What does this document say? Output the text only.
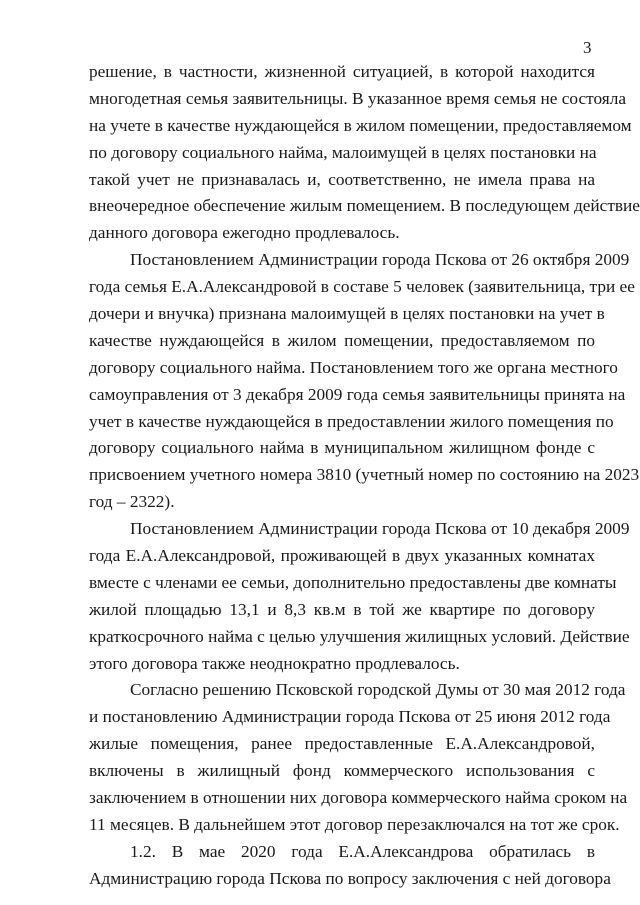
3
решение, в частности, жизненной ситуацией, в которой находится
многодетная семья заявительницы. В указанное время семья не состояла
на учете в качестве нуждающейся в жилом помещении, предоставляемом
по договору социального найма, малоимущей в целях постановки на
такой учет не признавалась и, соответственно, не имела права на
внеочередное обеспечение жилым помещением. В последующем действие
данного договора ежегодно продлевалось.
Постановлением Администрации города Пскова от 26 октября 2009
года семья Е.А.Александровой в составе 5 человек (заявительница, три ее
дочери и внучка) признана малоимущей в целях постановки на учет в
качестве нуждающейся в жилом помещении, предоставляемом по
договору социального найма. Постановлением того же органа местного
самоуправления от 3 декабря 2009 года семья заявительницы принята на
учет в качестве нуждающейся в предоставлении жилого помещения по
договору социального найма в муниципальном жилищном фонде с
присвоением учетного номера 3810 (учетный номер по состоянию на 2023
год – 2322).
Постановлением Администрации города Пскова от 10 декабря 2009
года Е.А.Александровой, проживающей в двух указанных комнатах
вместе с членами ее семьи, дополнительно предоставлены две комнаты
жилой площадью 13,1 и 8,3 кв.м в той же квартире по договору
краткосрочного найма с целью улучшения жилищных условий. Действие
этого договора также неоднократно продлевалось.
Согласно решению Псковской городской Думы от 30 мая 2012 года
и постановлению Администрации города Пскова от 25 июня 2012 года
жилые помещения, ранее предоставленные Е.А.Александровой,
включены в жилищный фонд коммерческого использования с
заключением в отношении них договора коммерческого найма сроком на
11 месяцев. В дальнейшем этот договор перезаключался на тот же срок.
1.2. В мае 2020 года Е.А.Александрова обратилась в
Администрацию города Пскова по вопросу заключения с ней договора
